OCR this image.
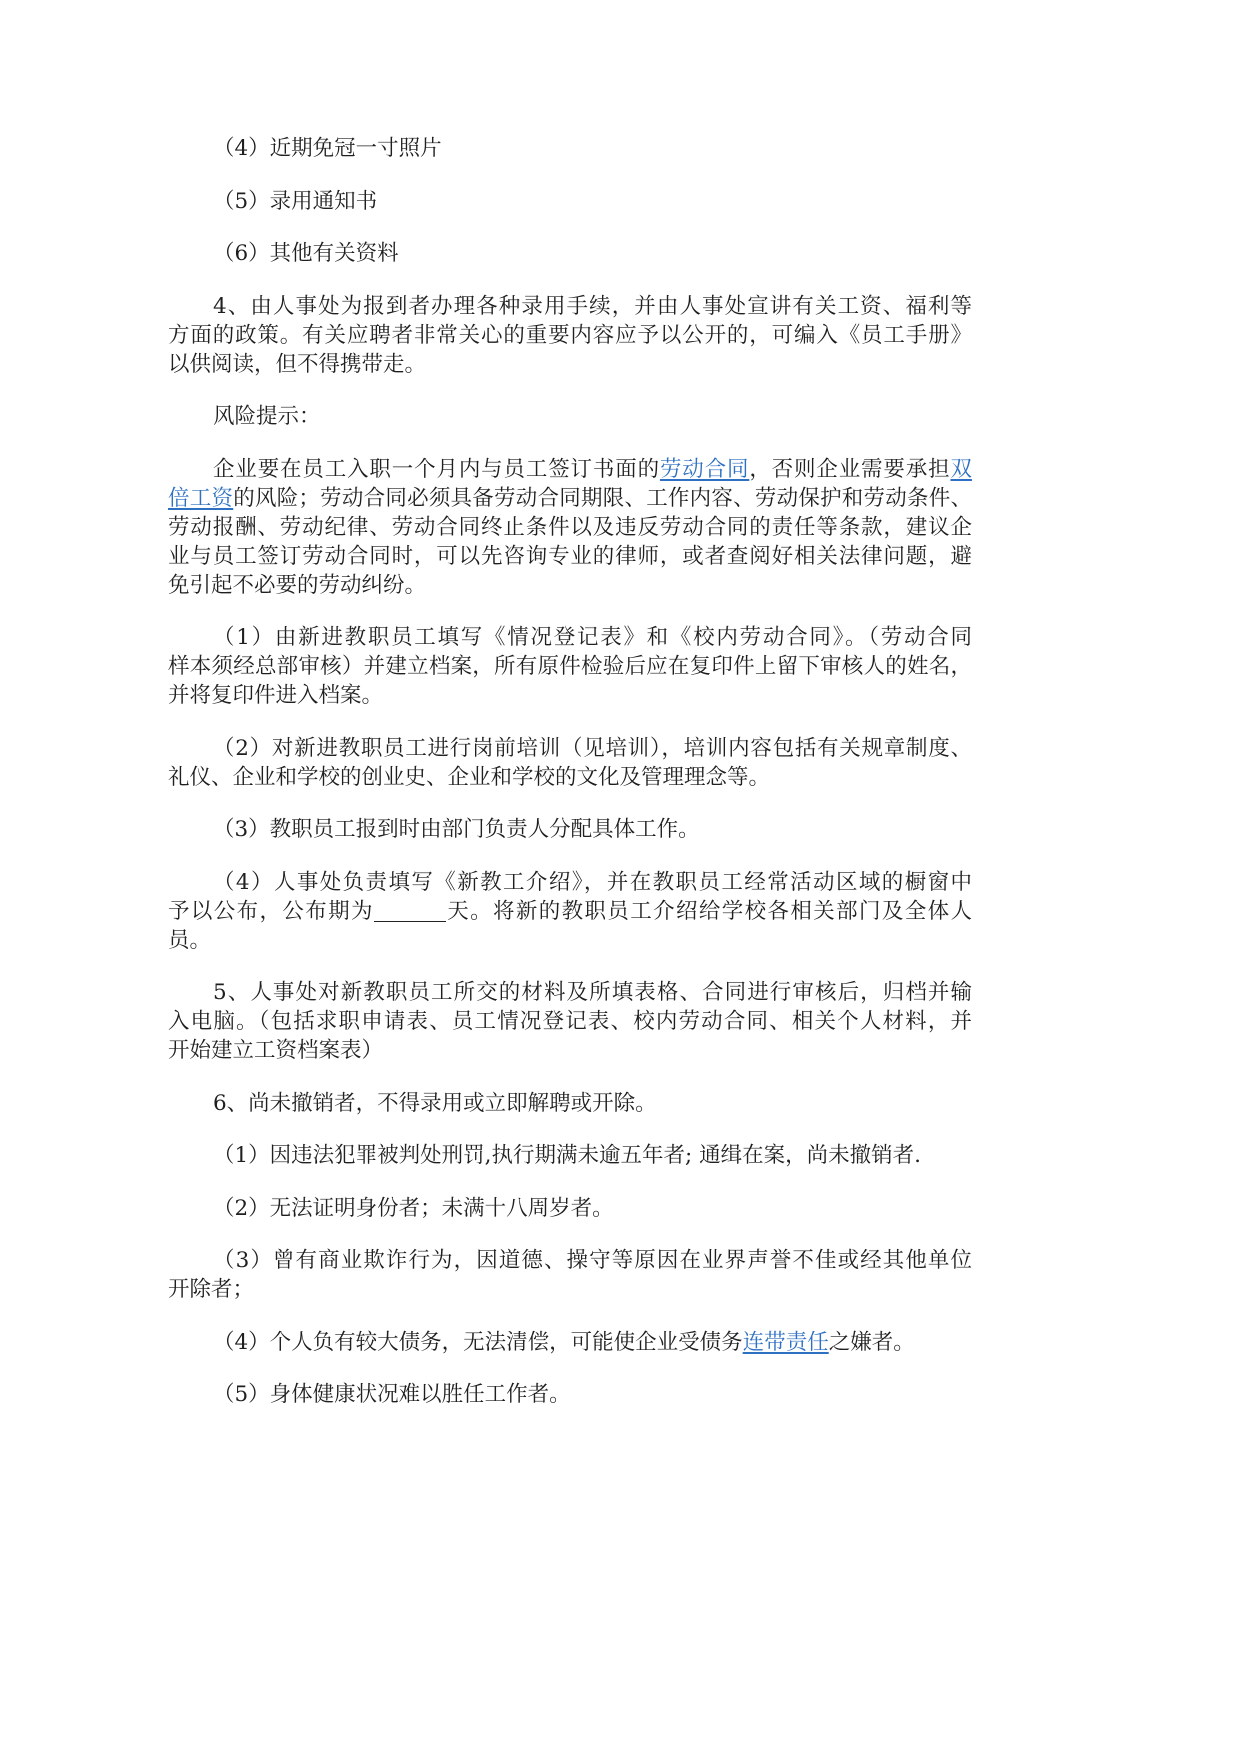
（4）近期免冠一寸照片
（5）录用通知书
（6）其他有关资料
4、由人事处为报到者办理各种录用手续，并由人事处宣讲有关工资、福利等
方面的政策。有关应聘者非常关心的重要内容应予以公开的，可编入《员工手册》
以供阅读，但不得携带走。
风险提示：
企业要在员工入职一个月内与员工签订书面的劳动合同，否则企业需要承担双
倍工资的风险；劳动合同必须具备劳动合同期限、工作内容、劳动保护和劳动条件、
劳动报酬、劳动纪律、劳动合同终止条件以及违反劳动合同的责任等条款，建议企
业与员工签订劳动合同时，可以先咨询专业的律师，或者查阅好相关法律问题，避
免引起不必要的劳动纠纷。
（1）由新进教职员工填写《情况登记表》和《校内劳动合同》。（劳动合同
样本须经总部审核）并建立档案，所有原件检验后应在复印件上留下审核人的姓名，
并将复印件进入档案。
（2）对新进教职员工进行岗前培训（见培训），培训内容包括有关规章制度、
礼仪、企业和学校的创业史、企业和学校的文化及管理理念等。
（3）教职员工报到时由部门负责人分配具体工作。
（4）人事处负责填写《新教工介绍》，并在教职员工经常活动区域的橱窗中
予以公布，公布期为	天。将新的教职员工介绍给学校各相关部门及全体人
员。
5、人事处对新教职员工所交的材料及所填表格、合同进行审核后，归档并输
入电脑。（包括求职申请表、员工情况登记表、校内劳动合同、相关个人材料，并
开始建立工资档案表）
6、尚未撤销者，不得录用或立即解聘或开除。
（1）因违法犯罪被判处刑罚,执行期满未逾五年者; 通缉在案，尚未撤销者.
（2）无法证明身份者；未满十八周岁者。
（3）曾有商业欺诈行为，因道德、操守等原因在业界声誉不佳或经其他单位
开除者；
（4）个人负有较大债务，无法清偿，可能使企业受债务连带责任之嫌者。
（5）身体健康状况难以胜任工作者。
